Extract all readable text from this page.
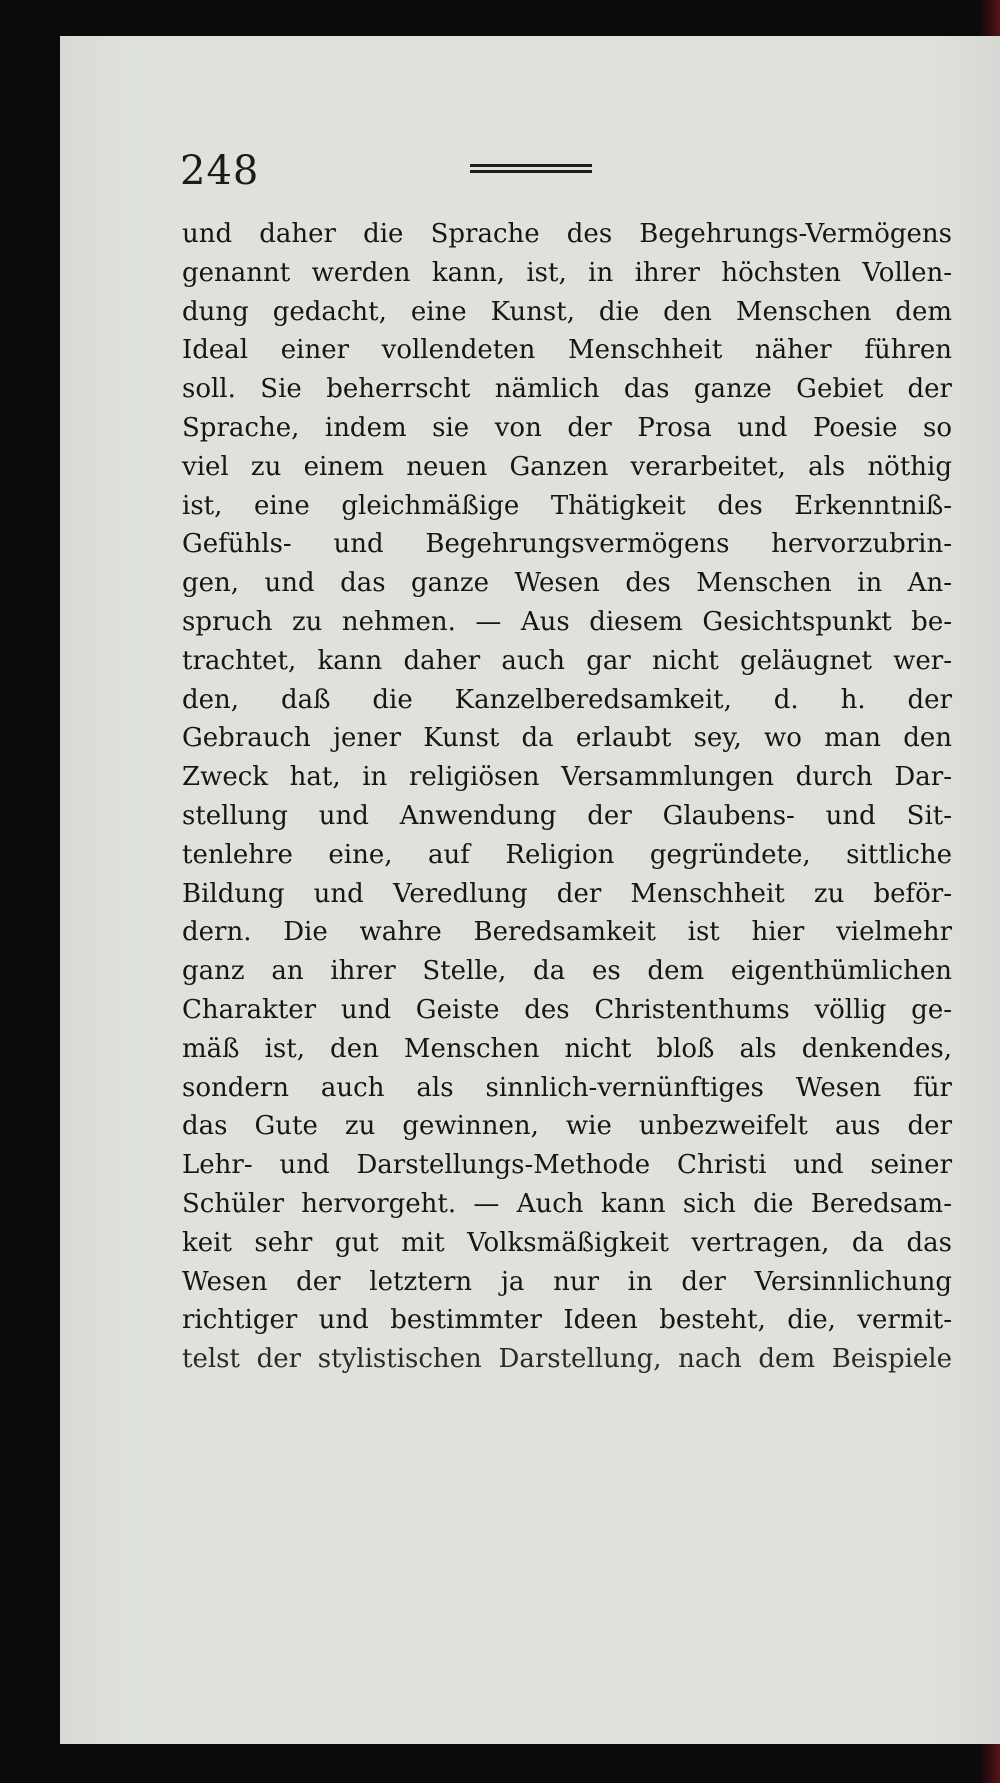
248
und daher die Sprache des Begehrungs-Vermögens
genannt werden kann, ist, in ihrer höchsten Vollen-
dung gedacht, eine Kunst, die den Menschen dem
Ideal einer vollendeten Menschheit näher führen
soll. Sie beherrscht nämlich das ganze Gebiet der
Sprache, indem sie von der Prosa und Poesie so
viel zu einem neuen Ganzen verarbeitet, als nöthig
ist, eine gleichmäßige Thätigkeit des Erkenntniß-
Gefühls- und Begehrungsvermögens hervorzubrin-
gen, und das ganze Wesen des Menschen in An-
spruch zu nehmen. — Aus diesem Gesichtspunkt be-
trachtet, kann daher auch gar nicht geläugnet wer-
den, daß die Kanzelberedsamkeit, d. h. der
Gebrauch jener Kunst da erlaubt sey, wo man den
Zweck hat, in religiösen Versammlungen durch Dar-
stellung und Anwendung der Glaubens- und Sit-
tenlehre eine, auf Religion gegründete, sittliche
Bildung und Veredlung der Menschheit zu beför-
dern. Die wahre Beredsamkeit ist hier vielmehr
ganz an ihrer Stelle, da es dem eigenthümlichen
Charakter und Geiste des Christenthums völlig ge-
mäß ist, den Menschen nicht bloß als denkendes,
sondern auch als sinnlich-vernünftiges Wesen für
das Gute zu gewinnen, wie unbezweifelt aus der
Lehr- und Darstellungs-Methode Christi und seiner
Schüler hervorgeht. — Auch kann sich die Beredsam-
keit sehr gut mit Volksmäßigkeit vertragen, da das
Wesen der letztern ja nur in der Versinnlichung
richtiger und bestimmter Ideen besteht, die, vermit-
telst der stylistischen Darstellung, nach dem Beispiele
